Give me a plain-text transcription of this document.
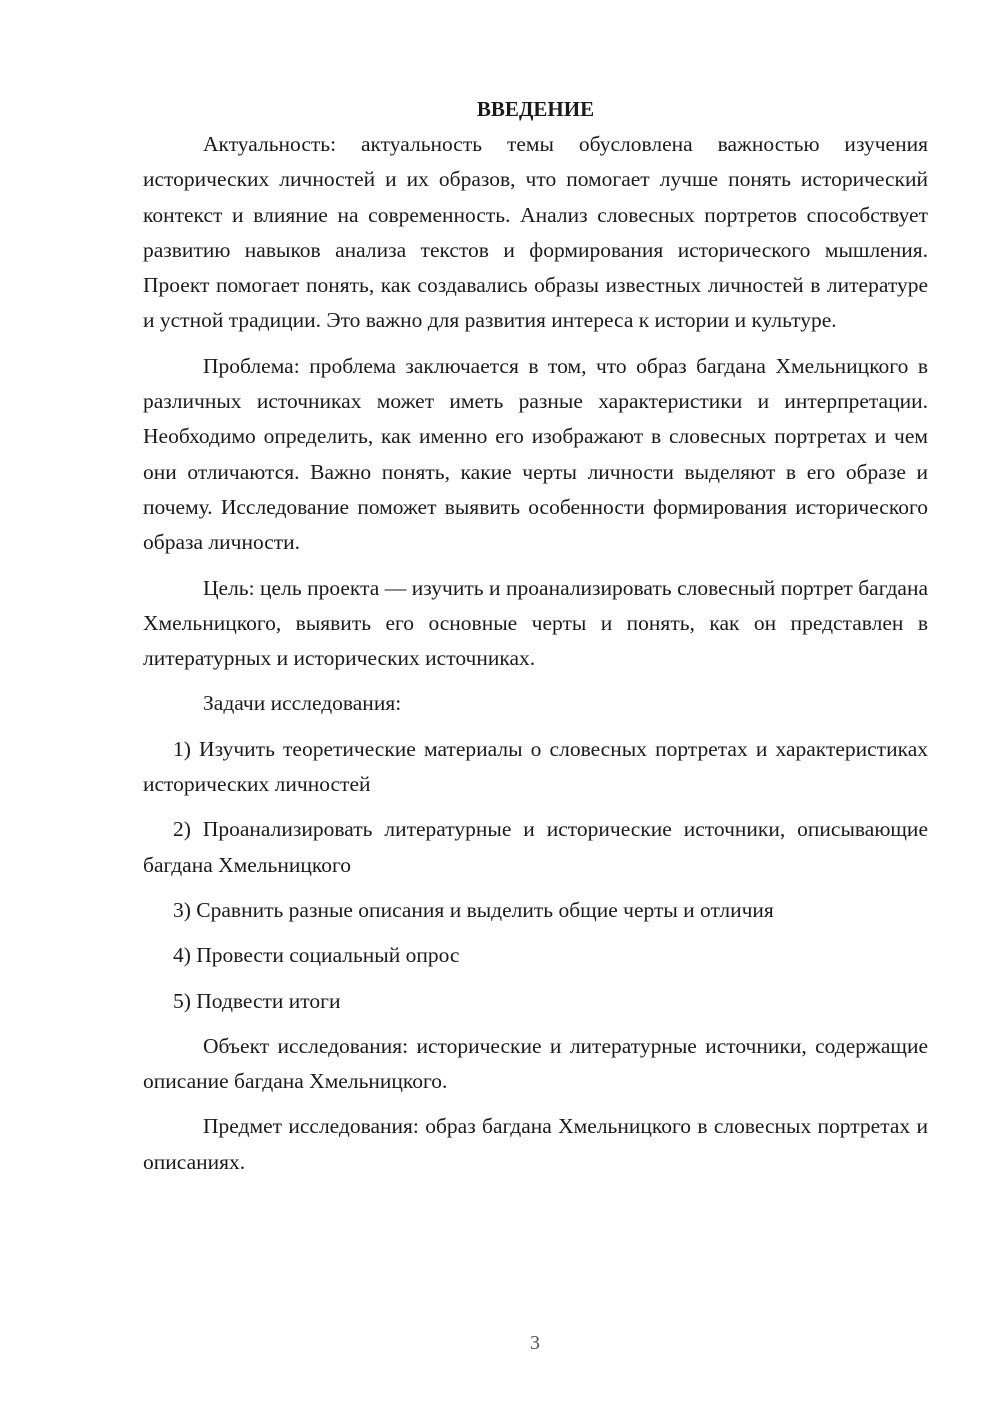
ВВЕДЕНИЕ

Актуальность: актуальность темы обусловлена важностью изучения исторических личностей и их образов, что помогает лучше понять исторический контекст и влияние на современность. Анализ словесных портретов способствует развитию навыков анализа текстов и формирования исторического мышления. Проект помогает понять, как создавались образы известных личностей в литературе и устной традиции. Это важно для развития интереса к истории и культуре.

Проблема: проблема заключается в том, что образ багдана Хмельницкого в различных источниках может иметь разные характеристики и интерпретации. Необходимо определить, как именно его изображают в словесных портретах и чем они отличаются. Важно понять, какие черты личности выделяют в его образе и почему. Исследование поможет выявить особенности формирования исторического образа личности.

Цель: цель проекта — изучить и проанализировать словесный портрет багдана Хмельницкого, выявить его основные черты и понять, как он представлен в литературных и исторических источниках.

Задачи исследования:

1) Изучить теоретические материалы о словесных портретах и характеристиках исторических личностей

2) Проанализировать литературные и исторические источники, описывающие багдана Хмельницкого

3) Сравнить разные описания и выделить общие черты и отличия

4) Провести социальный опрос

5) Подвести итоги

Объект исследования: исторические и литературные источники, содержащие описание багдана Хмельницкого.

Предмет исследования: образ багдана Хмельницкого в словесных портретах и описаниях.

3
